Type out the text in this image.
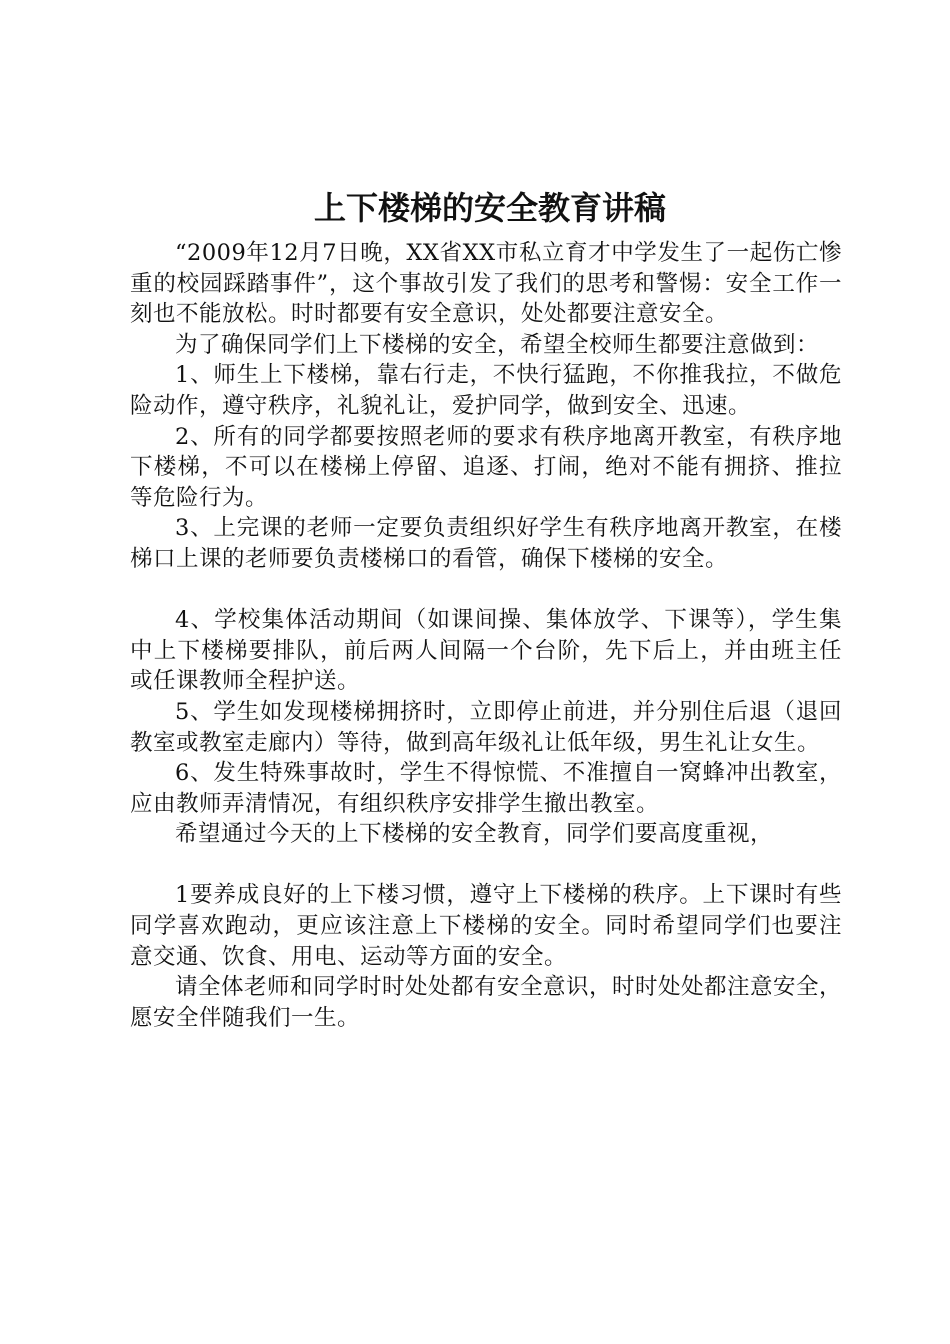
上下楼梯的安全教育讲稿

“2009年12月7日晚，XX省XX市私立育才中学发生了一起伤亡惨重的校园踩踏事件”，这个事故引发了我们的思考和警惕：安全工作一刻也不能放松。时时都要有安全意识，处处都要注意安全。

为了确保同学们上下楼梯的安全，希望全校师生都要注意做到：

1、师生上下楼梯，靠右行走，不快行猛跑，不你推我拉，不做危险动作，遵守秩序，礼貌礼让，爱护同学，做到安全、迅速。

2、所有的同学都要按照老师的要求有秩序地离开教室，有秩序地下楼梯，不可以在楼梯上停留、追逐、打闹，绝对不能有拥挤、推拉等危险行为。

3、上完课的老师一定要负责组织好学生有秩序地离开教室，在楼梯口上课的老师要负责楼梯口的看管，确保下楼梯的安全。

4、学校集体活动期间（如课间操、集体放学、下课等），学生集中上下楼梯要排队，前后两人间隔一个台阶，先下后上，并由班主任或任课教师全程护送。

5、学生如发现楼梯拥挤时，立即停止前进，并分别住后退（退回教室或教室走廊内）等待，做到高年级礼让低年级，男生礼让女生。

6、发生特殊事故时，学生不得惊慌、不准擅自一窝蜂冲出教室，应由教师弄清情况，有组织秩序安排学生撤出教室。

希望通过今天的上下楼梯的安全教育，同学们要高度重视，

1要养成良好的上下楼习惯，遵守上下楼梯的秩序。上下课时有些同学喜欢跑动，更应该注意上下楼梯的安全。同时希望同学们也要注意交通、饮食、用电、运动等方面的安全。

请全体老师和同学时时处处都有安全意识，时时处处都注意安全，愿安全伴随我们一生。
